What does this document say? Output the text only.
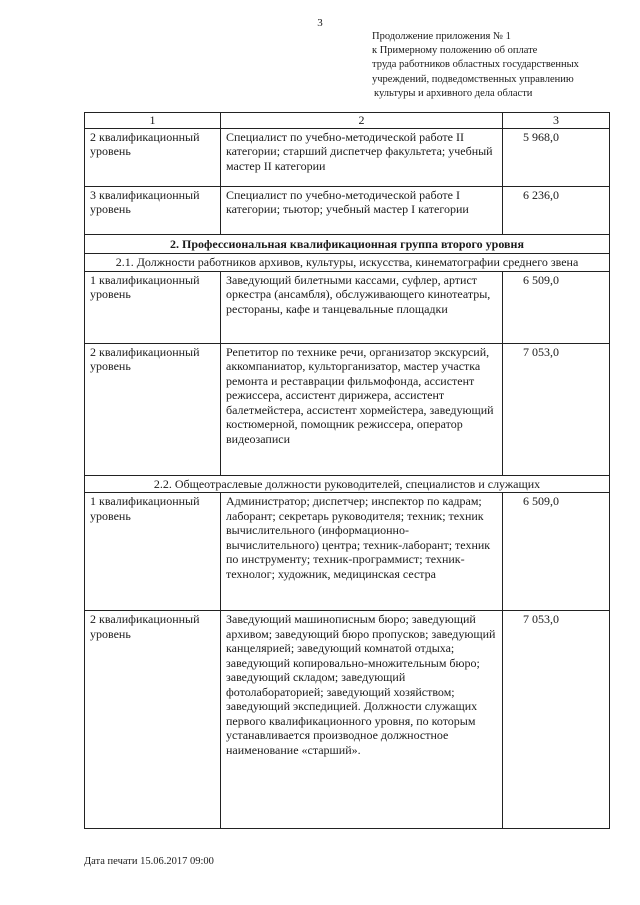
3
Продолжение приложения № 1
к Примерному положению об оплате
труда работников областных государственных
учреждений, подведомственных управлению
культуры и архивного дела области
1	2	3
2 квалификационный уровень	Специалист по учебно-методической работе II категории; старший диспетчер факультета; учебный мастер II категории	5 968,0
3 квалификационный уровень	Специалист по учебно-методической работе I категории; тьютор; учебный мастер I категории	6 236,0
2. Профессиональная квалификационная группа второго уровня		
2.1. Должности работников архивов, культуры, искусства, кинематографии среднего звена		
1 квалификационный уровень	Заведующий билетными кассами, суфлер, артист оркестра (ансамбля), обслуживающего кинотеатры, рестораны, кафе и танцевальные площадки	6 509,0
2 квалификационный уровень	Репетитор по технике речи, организатор экскурсий, аккомпаниатор, культорганизатор, мастер участка ремонта и реставрации фильмофонда, ассистент режиссера, ассистент дирижера, ассистент балетмейстера, ассистент хормейстера, заведующий костюмерной, помощник режиссера, оператор видеозаписи	7 053,0
2.2. Общеотраслевые должности руководителей, специалистов и служащих		
1 квалификационный уровень	Администратор; диспетчер; инспектор по кадрам; лаборант; секретарь руководителя; техник; техник вычислительного (информационно-вычислительного) центра; техник-лаборант; техник по инструменту; техник-программист; техник-технолог; художник, медицинская сестра	6 509,0
2 квалификационный уровень	Заведующий машинописным бюро; заведующий архивом; заведующий бюро пропусков; заведующий канцелярией; заведующий комнатой отдыха; заведующий копировально-множительным бюро; заведующий складом; заведующий фотолабораторией; заведующий хозяйством; заведующий экспедицией. Должности служащих первого квалификационного уровня, по которым устанавливается производное должностное наименование «старший».	7 053,0
Дата печати 15.06.2017 09:00
